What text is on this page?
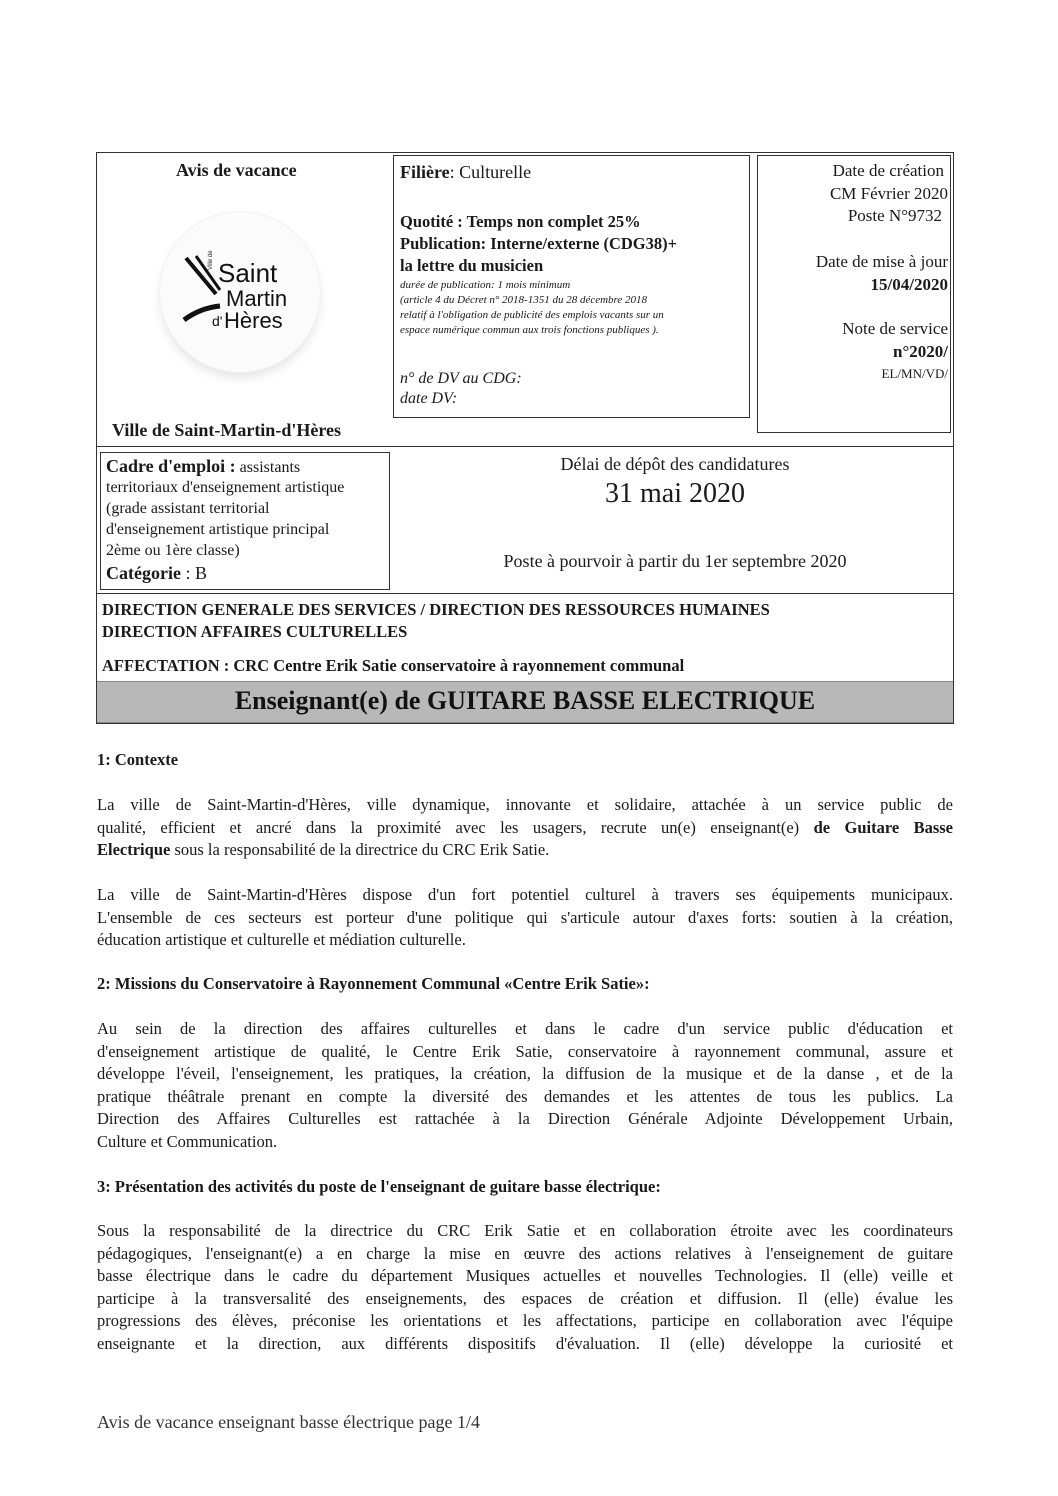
Avis de vacance
Ville de Saint
Martin
d' Hères
Ville de Saint-Martin-d'Hères
Filière: Culturelle
Quotité : Temps non complet 25%
Publication: Interne/externe (CDG38)+
la lettre du musicien
durée de publication: 1 mois minimum
(article 4 du Décret n° 2018-1351 du 28 décembre 2018
relatif à l'obligation de publicité des emplois vacants sur un
espace numérique commun aux trois fonctions publiques ).
n° de DV au CDG:
date DV:
Date de création
CM Février 2020
Poste N°9732
Date de mise à jour
15/04/2020
Note de service
n°2020/
EL/MN/VD/
Cadre d'emploi : assistants
territoriaux d'enseignement artistique
(grade assistant territorial
d'enseignement artistique principal
2ème ou 1ère classe)
Catégorie : B
Délai de dépôt des candidatures
31 mai 2020
Poste à pourvoir à partir du 1er septembre 2020
DIRECTION GENERALE DES SERVICES / DIRECTION DES RESSOURCES HUMAINES
DIRECTION AFFAIRES CULTURELLES
AFFECTATION : CRC Centre Erik Satie conservatoire à rayonnement communal
Enseignant(e) de GUITARE BASSE ELECTRIQUE
1: Contexte
La ville de Saint-Martin-d'Hères, ville dynamique, innovante et solidaire, attachée à un service public de
qualité, efficient et ancré dans la proximité avec les usagers, recrute un(e) enseignant(e) de Guitare Basse
Electrique sous la responsabilité de la directrice du CRC Erik Satie.
La ville de Saint-Martin-d'Hères dispose d'un fort potentiel culturel à travers ses équipements municipaux.
L'ensemble de ces secteurs est porteur d'une politique qui s'articule autour d'axes forts: soutien à la création,
éducation artistique et culturelle et médiation culturelle.
2: Missions du Conservatoire à Rayonnement Communal «Centre Erik Satie»:
Au sein de la direction des affaires culturelles et dans le cadre d'un service public d'éducation et
d'enseignement artistique de qualité, le Centre Erik Satie, conservatoire à rayonnement communal, assure et
développe l'éveil, l'enseignement, les pratiques, la création, la diffusion de la musique et de la danse , et de la
pratique théâtrale prenant en compte la diversité des demandes et les attentes de tous les publics. La
Direction des Affaires Culturelles est rattachée à la Direction Générale Adjointe Développement Urbain,
Culture et Communication.
3: Présentation des activités du poste de l'enseignant de guitare basse électrique:
Sous la responsabilité de la directrice du CRC Erik Satie et en collaboration étroite avec les coordinateurs
pédagogiques, l'enseignant(e) a en charge la mise en œuvre des actions relatives à l'enseignement de guitare
basse électrique dans le cadre du département Musiques actuelles et nouvelles Technologies. Il (elle) veille et
participe à la transversalité des enseignements, des espaces de création et diffusion. Il (elle) évalue les
progressions des élèves, préconise les orientations et les affectations, participe en collaboration avec l'équipe
enseignante et la direction, aux différents dispositifs d'évaluation. Il (elle) développe la curiosité et
Avis de vacance enseignant basse électrique page 1/4
